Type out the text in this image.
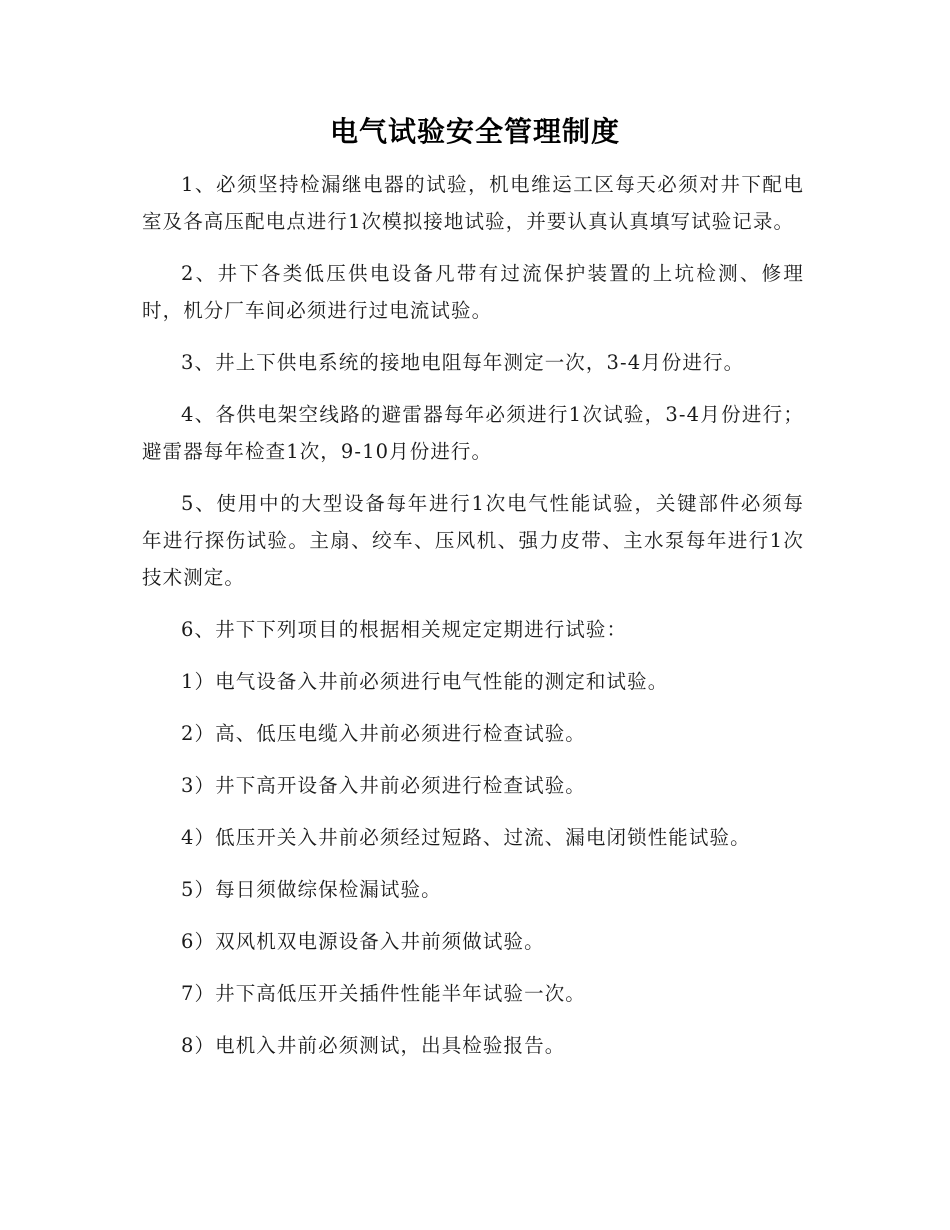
电气试验安全管理制度

1、必须坚持检漏继电器的试验，机电维运工区每天必须对井下配电室及各高压配电点进行1次模拟接地试验，并要认真认真填写试验记录。

2、井下各类低压供电设备凡带有过流保护装置的上坑检测、修理时，机分厂车间必须进行过电流试验。

3、井上下供电系统的接地电阻每年测定一次，3-4月份进行。

4、各供电架空线路的避雷器每年必须进行1次试验，3-4月份进行；避雷器每年检查1次，9-10月份进行。

5、使用中的大型设备每年进行1次电气性能试验，关键部件必须每年进行探伤试验。主扇、绞车、压风机、强力皮带、主水泵每年进行1次技术测定。

6、井下下列项目的根据相关规定定期进行试验：

1）电气设备入井前必须进行电气性能的测定和试验。

2）高、低压电缆入井前必须进行检查试验。

3）井下高开设备入井前必须进行检查试验。

4）低压开关入井前必须经过短路、过流、漏电闭锁性能试验。

5）每日须做综保检漏试验。

6）双风机双电源设备入井前须做试验。

7）井下高低压开关插件性能半年试验一次。

8）电机入井前必须测试，出具检验报告。
